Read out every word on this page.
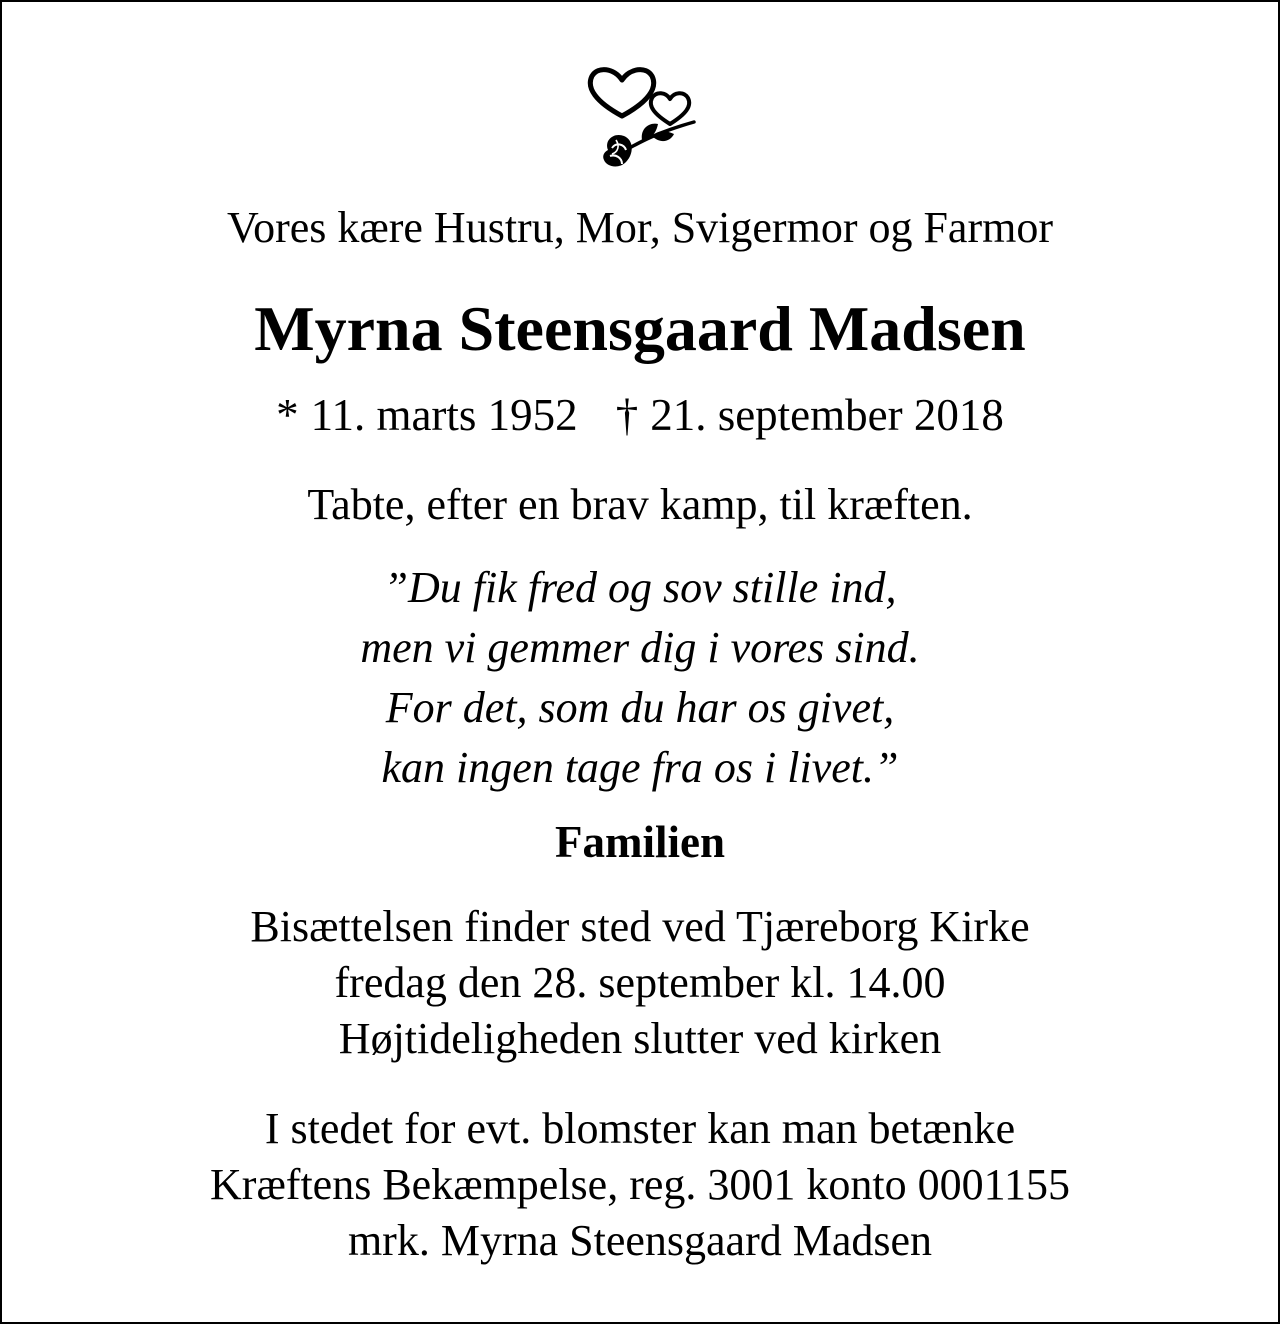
Vores kære Hustru, Mor, Svigermor og Farmor

Myrna Steensgaard Madsen

* 11. marts 1952 † 21. september 2018

Tabte, efter en brav kamp, til kræften.

”Du fik fred og sov stille ind,
men vi gemmer dig i vores sind.
For det, som du har os givet,
kan ingen tage fra os i livet.”

Familien

Bisættelsen finder sted ved Tjæreborg Kirke
fredag den 28. september kl. 14.00
Højtideligheden slutter ved kirken
I stedet for evt. blomster kan man betænke
Kræftens Bekæmpelse, reg. 3001 konto 0001155
mrk. Myrna Steensgaard Madsen
